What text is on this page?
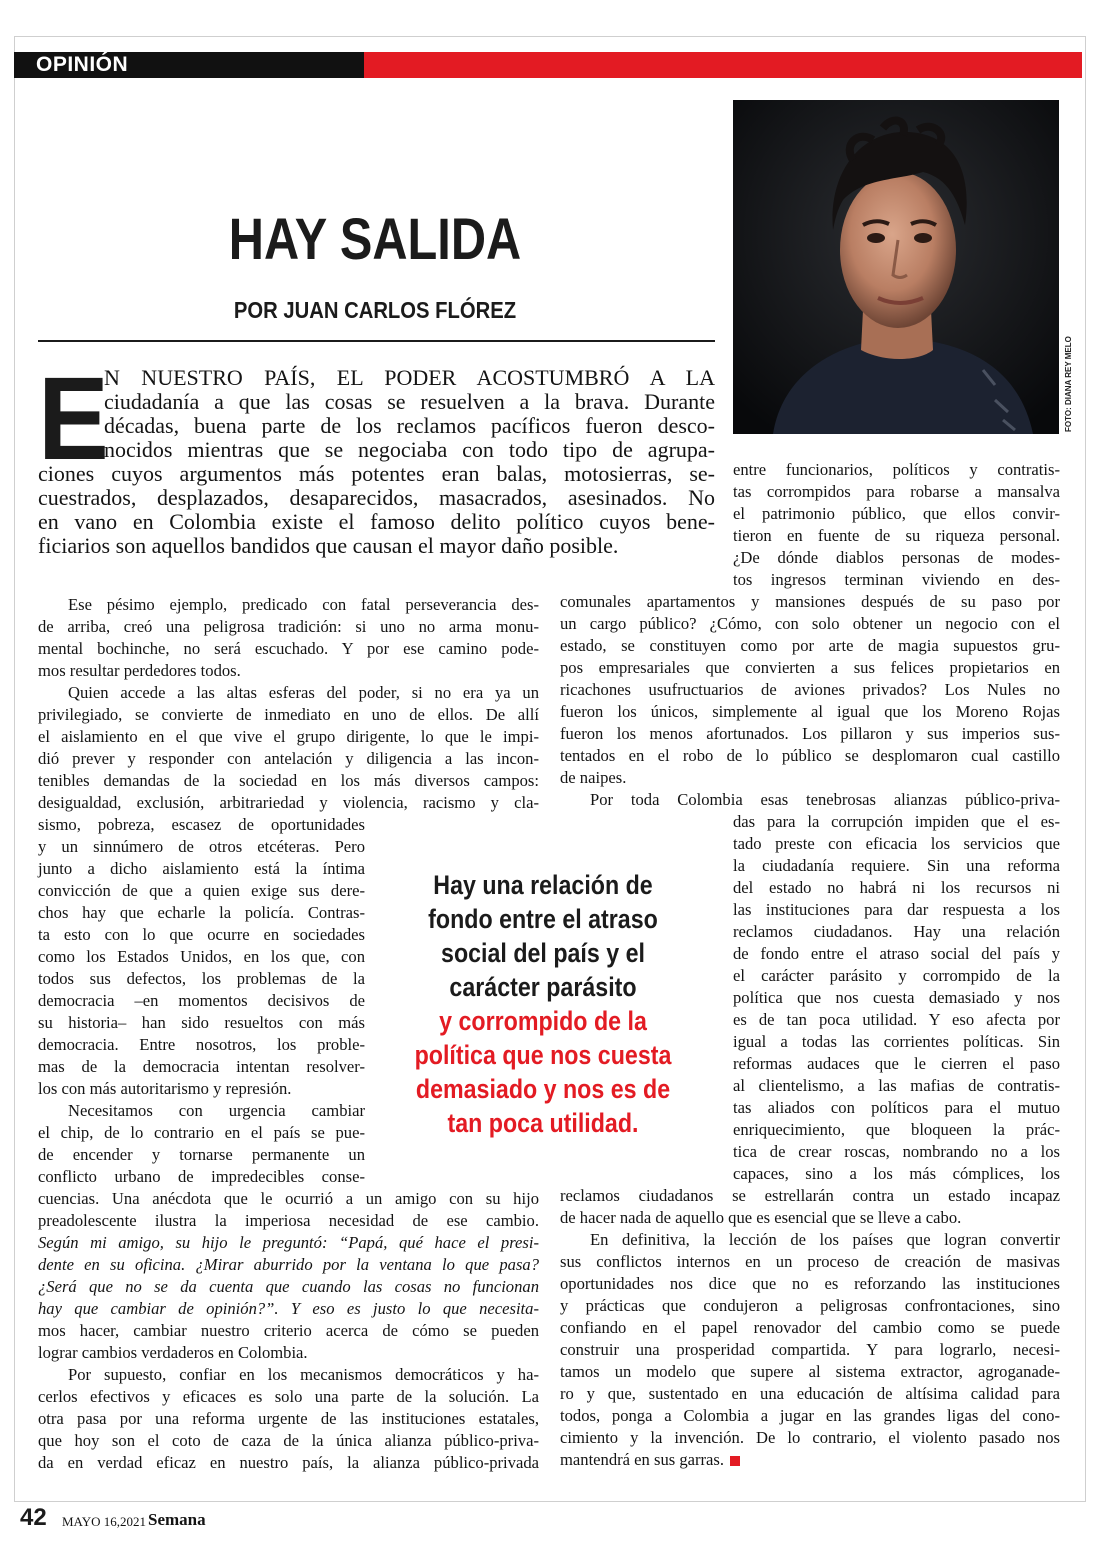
OPINIÓN
FOTO: DIANA REY MELO
HAY SALIDA
POR JUAN CARLOS FLÓREZ
E
N NUESTRO PAÍS, EL PODER ACOSTUMBRÓ A LA
ciudadanía a que las cosas se resuelven a la brava. Durante
décadas, buena parte de los reclamos pacíficos fueron desco-
nocidos mientras que se negociaba con todo tipo de agrupa-
ciones cuyos argumentos más potentes eran balas, motosierras, se-
cuestrados, desplazados, desaparecidos, masacrados, asesinados. No
en vano en Colombia existe el famoso delito político cuyos bene-
ficiarios son aquellos bandidos que causan el mayor daño posible.
Ese pésimo ejemplo, predicado con fatal perseverancia des-
de arriba, creó una peligrosa tradición: si uno no arma monu-
mental bochinche, no será escuchado. Y por ese camino pode-
mos resultar perdedores todos.
Quien accede a las altas esferas del poder, si no era ya un
privilegiado, se convierte de inmediato en uno de ellos. De allí
el aislamiento en el que vive el grupo dirigente, lo que le impi-
dió prever y responder con antelación y diligencia a las incon-
tenibles demandas de la sociedad en los más diversos campos:
desigualdad, exclusión, arbitrariedad y violencia, racismo y cla-
sismo, pobreza, escasez de oportunidades
y un sinnúmero de otros etcéteras. Pero
junto a dicho aislamiento está la íntima
convicción de que a quien exige sus dere-
chos hay que echarle la policía. Contras-
ta esto con lo que ocurre en sociedades
como los Estados Unidos, en los que, con
todos sus defectos, los problemas de la
democracia –en momentos decisivos de
su historia– han sido resueltos con más
democracia. Entre nosotros, los proble-
mas de la democracia intentan resolver-
los con más autoritarismo y represión.
Necesitamos con urgencia cambiar
el chip, de lo contrario en el país se pue-
de encender y tornarse permanente un
conflicto urbano de impredecibles conse-
cuencias. Una anécdota que le ocurrió a un amigo con su hijo
preadolescente ilustra la imperiosa necesidad de ese cambio.
Según mi amigo, su hijo le preguntó: “Papá, qué hace el presi-
dente en su oficina. ¿Mirar aburrido por la ventana lo que pasa?
¿Será que no se da cuenta que cuando las cosas no funcionan
hay que cambiar de opinión?”. Y eso es justo lo que necesita-
mos hacer, cambiar nuestro criterio acerca de cómo se pueden
lograr cambios verdaderos en Colombia.
Por supuesto, confiar en los mecanismos democráticos y ha-
cerlos efectivos y eficaces es solo una parte de la solución. La
otra pasa por una reforma urgente de las instituciones estatales,
que hoy son el coto de caza de la única alianza público-priva-
da en verdad eficaz en nuestro país, la alianza público-privada
entre funcionarios, políticos y contratis-
tas corrompidos para robarse a mansalva
el patrimonio público, que ellos convir-
tieron en fuente de su riqueza personal.
¿De dónde diablos personas de modes-
tos ingresos terminan viviendo en des-
comunales apartamentos y mansiones después de su paso por
un cargo público? ¿Cómo, con solo obtener un negocio con el
estado, se constituyen como por arte de magia supuestos gru-
pos empresariales que convierten a sus felices propietarios en
ricachones usufructuarios de aviones privados? Los Nules no
fueron los únicos, simplemente al igual que los Moreno Rojas
fueron los menos afortunados. Los pillaron y sus imperios sus-
tentados en el robo de lo público se desplomaron cual castillo
de naipes.
Por toda Colombia esas tenebrosas alianzas público-priva-
das para la corrupción impiden que el es-
tado preste con eficacia los servicios que
la ciudadanía requiere. Sin una reforma
del estado no habrá ni los recursos ni
las instituciones para dar respuesta a los
reclamos ciudadanos. Hay una relación
de fondo entre el atraso social del país y
el carácter parásito y corrompido de la
política que nos cuesta demasiado y nos
es de tan poca utilidad. Y eso afecta por
igual a todas las corrientes políticas. Sin
reformas audaces que le cierren el paso
al clientelismo, a las mafias de contratis-
tas aliados con políticos para el mutuo
enriquecimiento, que bloqueen la prác-
tica de crear roscas, nombrando no a los
capaces, sino a los más cómplices, los
reclamos ciudadanos se estrellarán contra un estado incapaz
de hacer nada de aquello que es esencial que se lleve a cabo.
En definitiva, la lección de los países que logran convertir
sus conflictos internos en un proceso de creación de masivas
oportunidades nos dice que no es reforzando las instituciones
y prácticas que condujeron a peligrosas confrontaciones, sino
confiando en el papel renovador del cambio como se puede
construir una prosperidad compartida. Y para lograrlo, necesi-
tamos un modelo que supere al sistema extractor, agroganade-
ro y que, sustentado en una educación de altísima calidad para
todos, ponga a Colombia a jugar en las grandes ligas del cono-
cimiento y la invención. De lo contrario, el violento pasado nos
mantendrá en sus garras.
Hay una relación de
fondo entre el atraso
social del país y el
carácter parásito
y corrompido de la
política que nos cuesta
demasiado y nos es de
tan poca utilidad.
42 MAYO 16,2021 Semana
